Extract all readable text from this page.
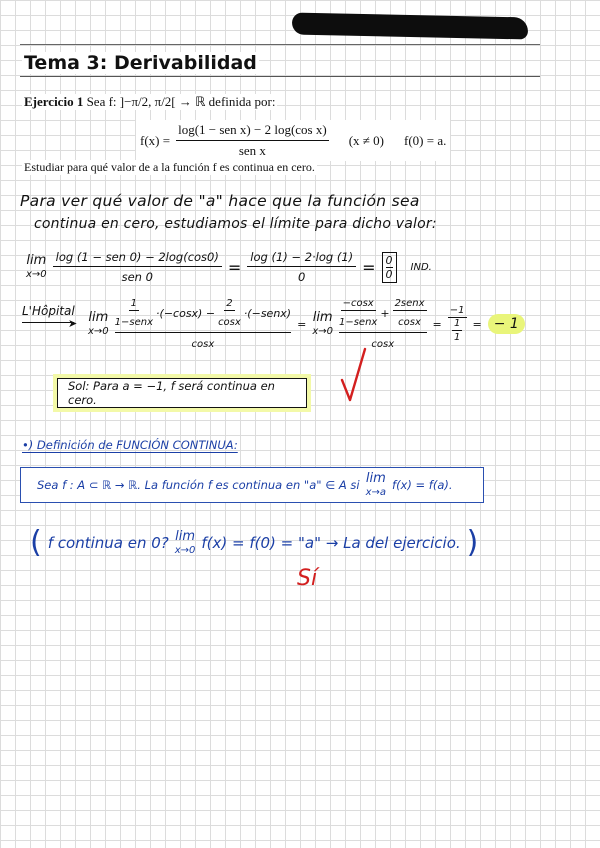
Tema 3: Derivabilidad
Ejercicio 1 Sea f: ]−π/2, π/2[ → ℝ definida por:
$f(x) = \frac{\text{log(1 − sen x) − 2 log(cos x)}}{\text{sen x}} (x \ne 0) f(0) = a$.
Estudiar para qué valor de a la función f es continua en cero.
Para ver qué valor de "a" hace que la función sea
continua en cero, estudiamos el límite para dicho valor:
lim
$x\to 0 \frac{\text{log (1 − sen 0) − 2log(cos0)}}{\text{sen 0}} = \frac{\log (1) - 2\cdot\log (1)}{0} = \frac{0}{0}$ IND.
L'Hôpital
➤ lim
x→0
$\frac{1}{\text{1−senx}} \cdot(-\cos x) - \frac{2}{\cos x}$ ·(−senx)
cosx
= lim
x→0
$\frac{-\cos x}{\text{1−senx}} + \frac{\text{2senx}}{\cos x}$
cosx
=
−1
1
1
= − 1
Sol: Para a = −1, f será continua en cero.
•) Definición de FUNCIÓN CONTINUA:
Sea f : A ⊂ ℝ → ℝ. La función f es continua en "a" ∈ A si lim
x→a
f(x) = f(a).
( f continua en 0? lim
x→0 f(x) = f(0) = "a" → La del ejercicio. )
Sí
